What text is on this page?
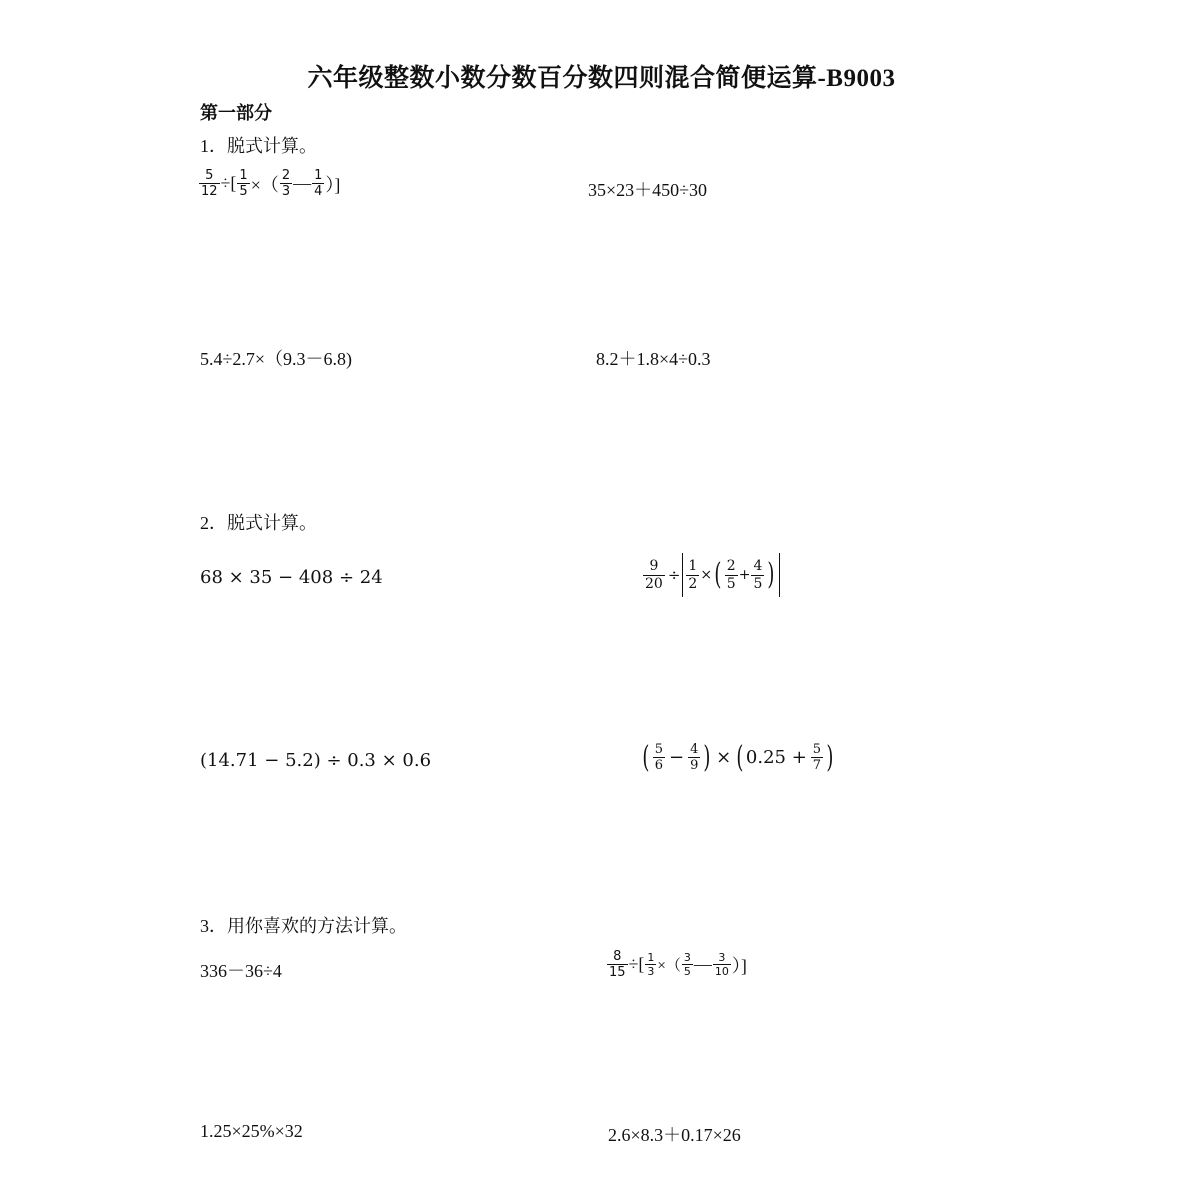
六年级整数小数分数百分数四则混合简便运算-B9003
第一部分
1．脱式计算。
$\frac{5}{12}$ ÷[ $\frac{1}{5}$ ×（ $\frac{2}{3}$ — $\frac{1}{4}$ ）]	35×23＋450÷30
5.4÷2.7×（9.3－6.8)	8.2＋1.8×4÷0.3
2．脱式计算。
68 × 35 − 408 ÷ 24	$\frac{9}{20} \div \frac{1}{2}$ × ( $\frac{2}{5} + \frac{4}{5}$ )
(14.71 − 5.2) ÷ 0.3 × 0.6	( $\frac{5}{6} - \frac{4}{9}$ ) × ( $0.25 + \frac{5}{7}$ )
3．用你喜欢的方法计算。
336－36÷4	$\frac{8}{15}$ ÷[ $\frac{1}{3}$ ×（ $\frac{3}{5}$ — $\frac{3}{10}$ ）]
1.25×25%×32	2.6×8.3＋0.17×26
